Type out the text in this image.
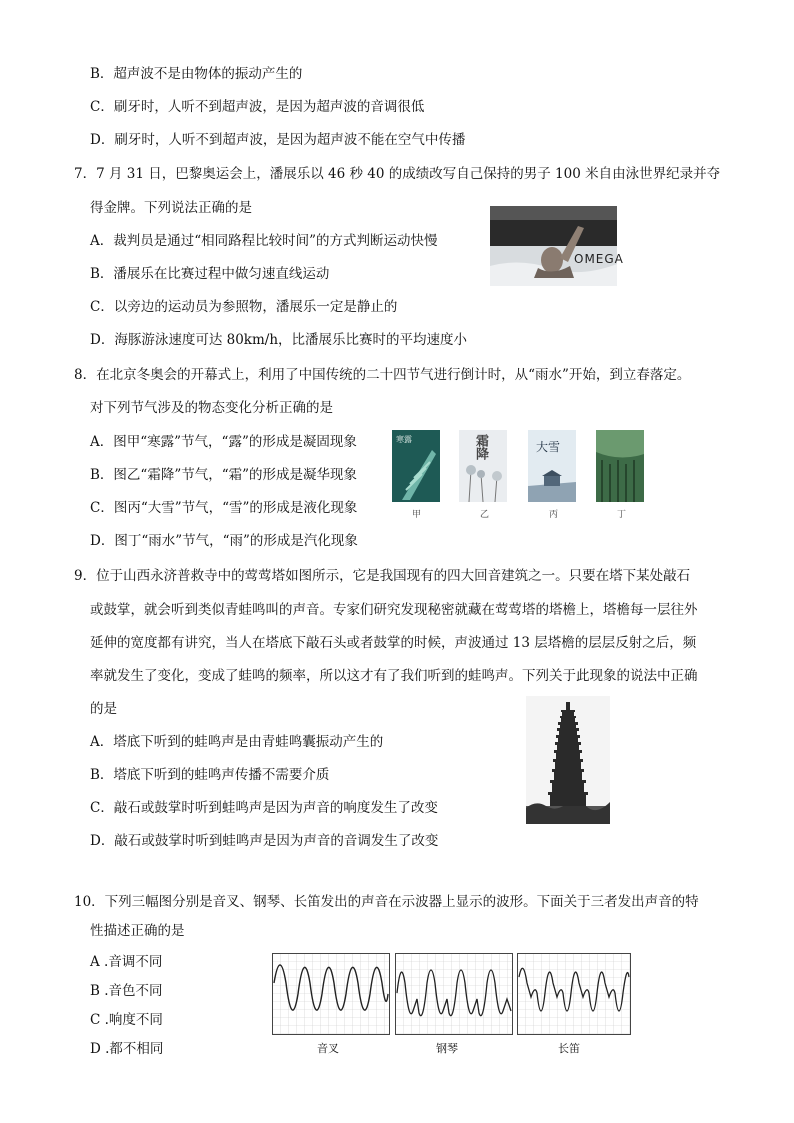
B．超声波不是由物体的振动产生的
C．刷牙时，人听不到超声波，是因为超声波的音调很低
D．刷牙时，人听不到超声波，是因为超声波不能在空气中传播
7．7 月 31 日，巴黎奥运会上，潘展乐以 46 秒 40 的成绩改写自己保持的男子 100 米自由泳世界纪录并夺
得金牌。下列说法正确的是
A．裁判员是通过“相同路程比较时间”的方式判断运动快慢
B．潘展乐在比赛过程中做匀速直线运动
C．以旁边的运动员为参照物，潘展乐一定是静止的
D．海豚游泳速度可达 80km/h，比潘展乐比赛时的平均速度小
OMEGA
8．在北京冬奥会的开幕式上，利用了中国传统的二十四节气进行倒计时，从“雨水”开始，到立春落定。
对下列节气涉及的物态变化分析正确的是
A．图甲“寒露”节气，“露”的形成是凝固现象
B．图乙“霜降”节气，“霜”的形成是凝华现象
C．图丙“大雪”节气，“雪”的形成是液化现象
D．图丁“雨水”节气，“雨”的形成是汽化现象
寒露	霜降	大雪
甲	乙	丙	丁
9．位于山西永济普救寺中的莺莺塔如图所示，它是我国现有的四大回音建筑之一。只要在塔下某处敲石
或鼓掌，就会听到类似青蛙鸣叫的声音。专家们研究发现秘密就藏在莺莺塔的塔檐上，塔檐每一层往外
延伸的宽度都有讲究，当人在塔底下敲石头或者鼓掌的时候，声波通过 13 层塔檐的层层反射之后，频
率就发生了变化，变成了蛙鸣的频率，所以这才有了我们听到的蛙鸣声。下列关于此现象的说法中正确
的是
A．塔底下听到的蛙鸣声是由青蛙鸣囊振动产生的
B．塔底下听到的蛙鸣声传播不需要介质
C．敲石或鼓掌时听到蛙鸣声是因为声音的响度发生了改变
D．敲石或鼓掌时听到蛙鸣声是因为声音的音调发生了改变
10．下列三幅图分别是音叉、钢琴、长笛发出的声音在示波器上显示的波形。下面关于三者发出声音的特
性描述正确的是
A .音调不同
B .音色不同
C .响度不同
D .都不相同	音叉	钢琴	长笛
